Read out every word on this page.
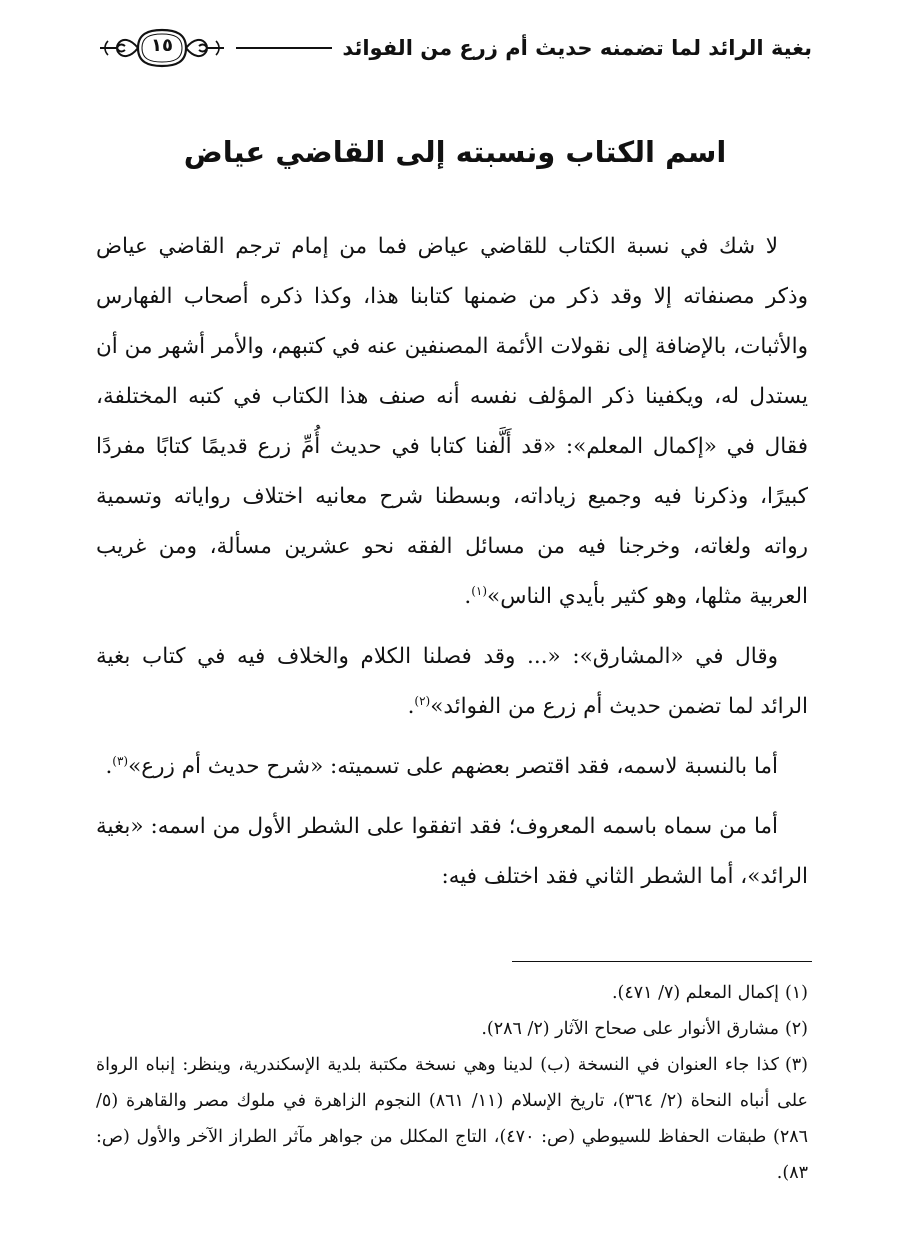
بغية الرائد لما تضمنه حديث أم زرع من الفوائد
١٥
اسم الكتاب ونسبته إلى القاضي عياض

لا شك في نسبة الكتاب للقاضي عياض فما من إمام ترجم القاضي عياض وذكر مصنفاته إلا وقد ذكر من ضمنها كتابنا هذا، وكذا ذكره أصحاب الفهارس والأثبات، بالإضافة إلى نقولات الأئمة المصنفين عنه في كتبهم، والأمر أشهر من أن يستدل له، ويكفينا ذكر المؤلف نفسه أنه صنف هذا الكتاب في كتبه المختلفة، فقال في «إكمال المعلم»: «قد أَلَّفنا كتابا في حديث أُمِّ زرع قديمًا كتابًا مفردًا كبيرًا، وذكرنا فيه وجميع زياداته، وبسطنا شرح معانيه اختلاف رواياته وتسمية رواته ولغاته، وخرجنا فيه من مسائل الفقه نحو عشرين مسألة، ومن غريب العربية مثلها، وهو كثير بأيدي الناس»$^{(١)}$.

وقال في «المشارق»: «... وقد فصلنا الكلام والخلاف فيه في كتاب بغية الرائد لما تضمن حديث أم زرع من الفوائد»$^{(٢)}$.

أما بالنسبة لاسمه، فقد اقتصر بعضهم على تسميته: «شرح حديث أم زرع»$^{(٣)}$.

أما من سماه باسمه المعروف؛ فقد اتفقوا على الشطر الأول من اسمه: «بغية الرائد»، أما الشطر الثاني فقد اختلف فيه:

(١)إكمال المعلم (٧/ ٤٧١).

(٢)مشارق الأنوار على صحاح الآثار (٢/ ٢٨٦).

(٣)كذا جاء العنوان في النسخة (ب) لدينا وهي نسخة مكتبة بلدية الإسكندرية، وينظر: إنباه الرواة على أنباه النحاة (٢/ ٣٦٤)، تاريخ الإسلام (١١/ ٨٦١) النجوم الزاهرة في ملوك مصر والقاهرة (٥/ ٢٨٦) طبقات الحفاظ للسيوطي (ص: ٤٧٠)، التاج المكلل من جواهر مآثر الطراز الآخر والأول (ص: ٨٣).
